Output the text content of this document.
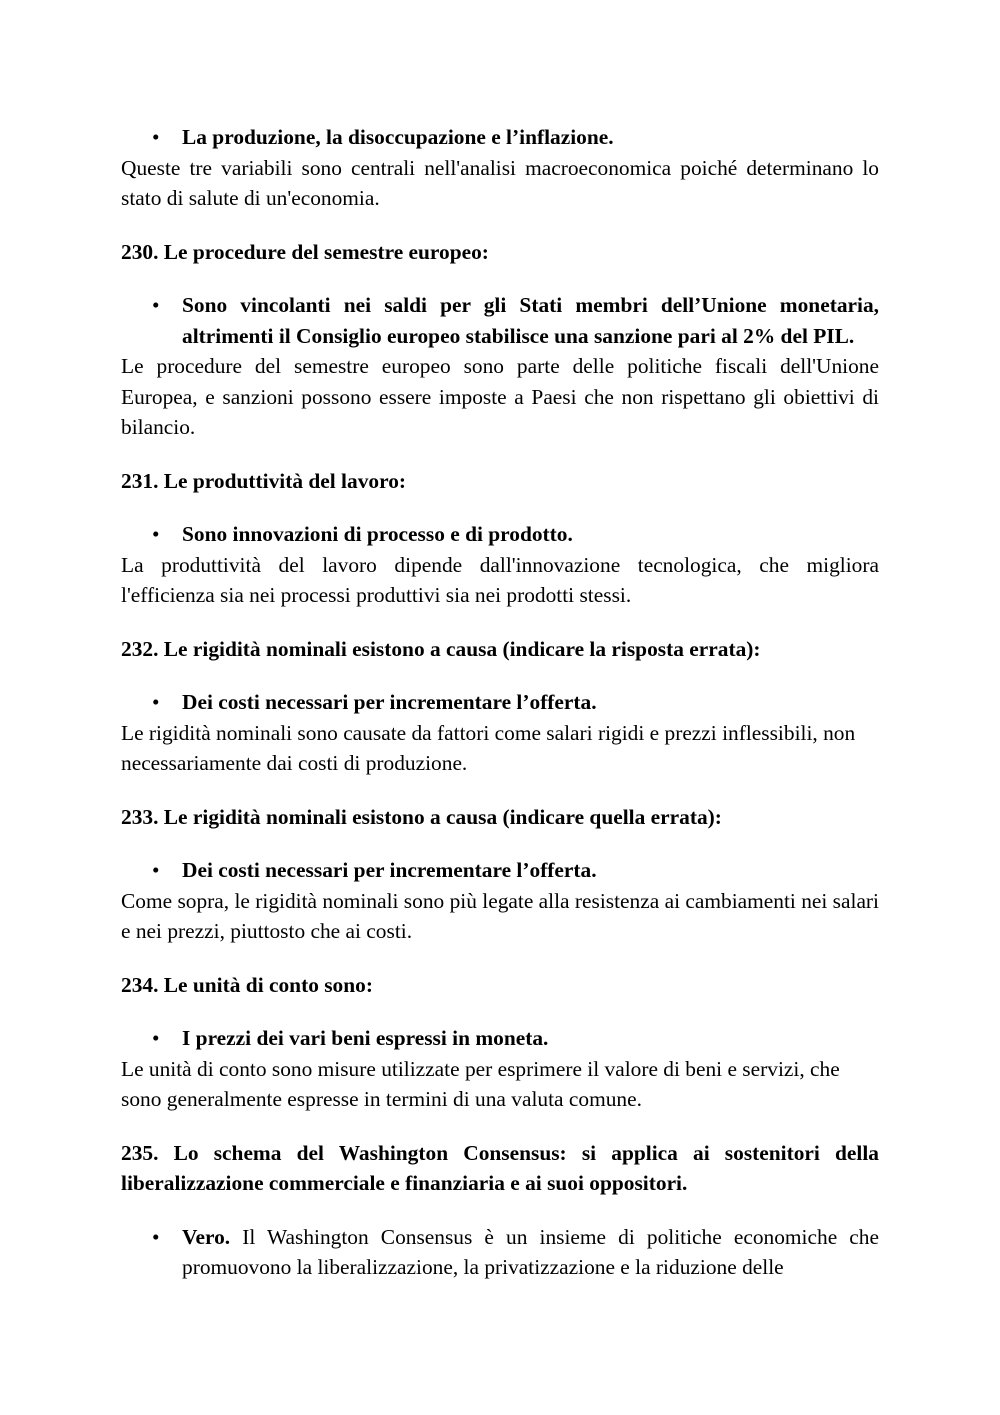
• La produzione, la disoccupazione e l’inflazione.

Queste tre variabili sono centrali nell'analisi macroeconomica poiché determinano lo stato di salute di un'economia.

230. Le procedure del semestre europeo:

• Sono vincolanti nei saldi per gli Stati membri dell’Unione monetaria, altrimenti il Consiglio europeo stabilisce una sanzione pari al 2% del PIL.

Le procedure del semestre europeo sono parte delle politiche fiscali dell'Unione Europea, e sanzioni possono essere imposte a Paesi che non rispettano gli obiettivi di bilancio.

231. Le produttività del lavoro:

• Sono innovazioni di processo e di prodotto.

La produttività del lavoro dipende dall'innovazione tecnologica, che migliora l'efficienza sia nei processi produttivi sia nei prodotti stessi.

232. Le rigidità nominali esistono a causa (indicare la risposta errata):

• Dei costi necessari per incrementare l’offerta.

Le rigidità nominali sono causate da fattori come salari rigidi e prezzi inflessibili, non necessariamente dai costi di produzione.

233. Le rigidità nominali esistono a causa (indicare quella errata):

• Dei costi necessari per incrementare l’offerta.

Come sopra, le rigidità nominali sono più legate alla resistenza ai cambiamenti nei salari e nei prezzi, piuttosto che ai costi.

234. Le unità di conto sono:

• I prezzi dei vari beni espressi in moneta.

Le unità di conto sono misure utilizzate per esprimere il valore di beni e servizi, che sono generalmente espresse in termini di una valuta comune.

235. Lo schema del Washington Consensus: si applica ai sostenitori della liberalizzazione commerciale e finanziaria e ai suoi oppositori.

• Vero. Il Washington Consensus è un insieme di politiche economiche che promuovono la liberalizzazione, la privatizzazione e la riduzione delle
